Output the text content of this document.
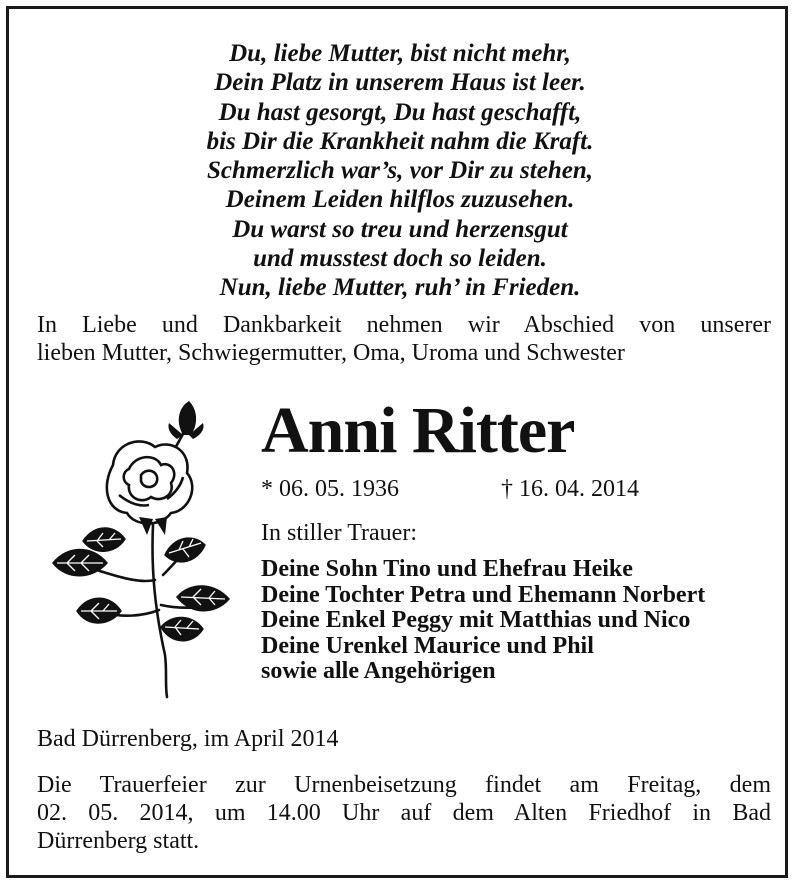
Du, liebe Mutter, bist nicht mehr,
Dein Platz in unserem Haus ist leer.
Du hast gesorgt, Du hast geschafft,
bis Dir die Krankheit nahm die Kraft.
Schmerzlich war’s, vor Dir zu stehen,
Deinem Leiden hilflos zuzusehen.
Du warst so treu und herzensgut
und musstest doch so leiden.
Nun, liebe Mutter, ruh’ in Frieden.
In Liebe und Dankbarkeit nehmen wir Abschied von unserer
lieben Mutter, Schwiegermutter, Oma, Uroma und Schwester
Anni Ritter
* 06. 05. 1936	† 16. 04. 2014
In stiller Trauer:
Deine Sohn Tino und Ehefrau Heike
Deine Tochter Petra und Ehemann Norbert
Deine Enkel Peggy mit Matthias und Nico
Deine Urenkel Maurice und Phil
sowie alle Angehörigen
Bad Dürrenberg, im April 2014
Die Trauerfeier zur Urnenbeisetzung findet am Freitag, dem
02. 05. 2014, um 14.00 Uhr auf dem Alten Friedhof in Bad
Dürrenberg statt.
